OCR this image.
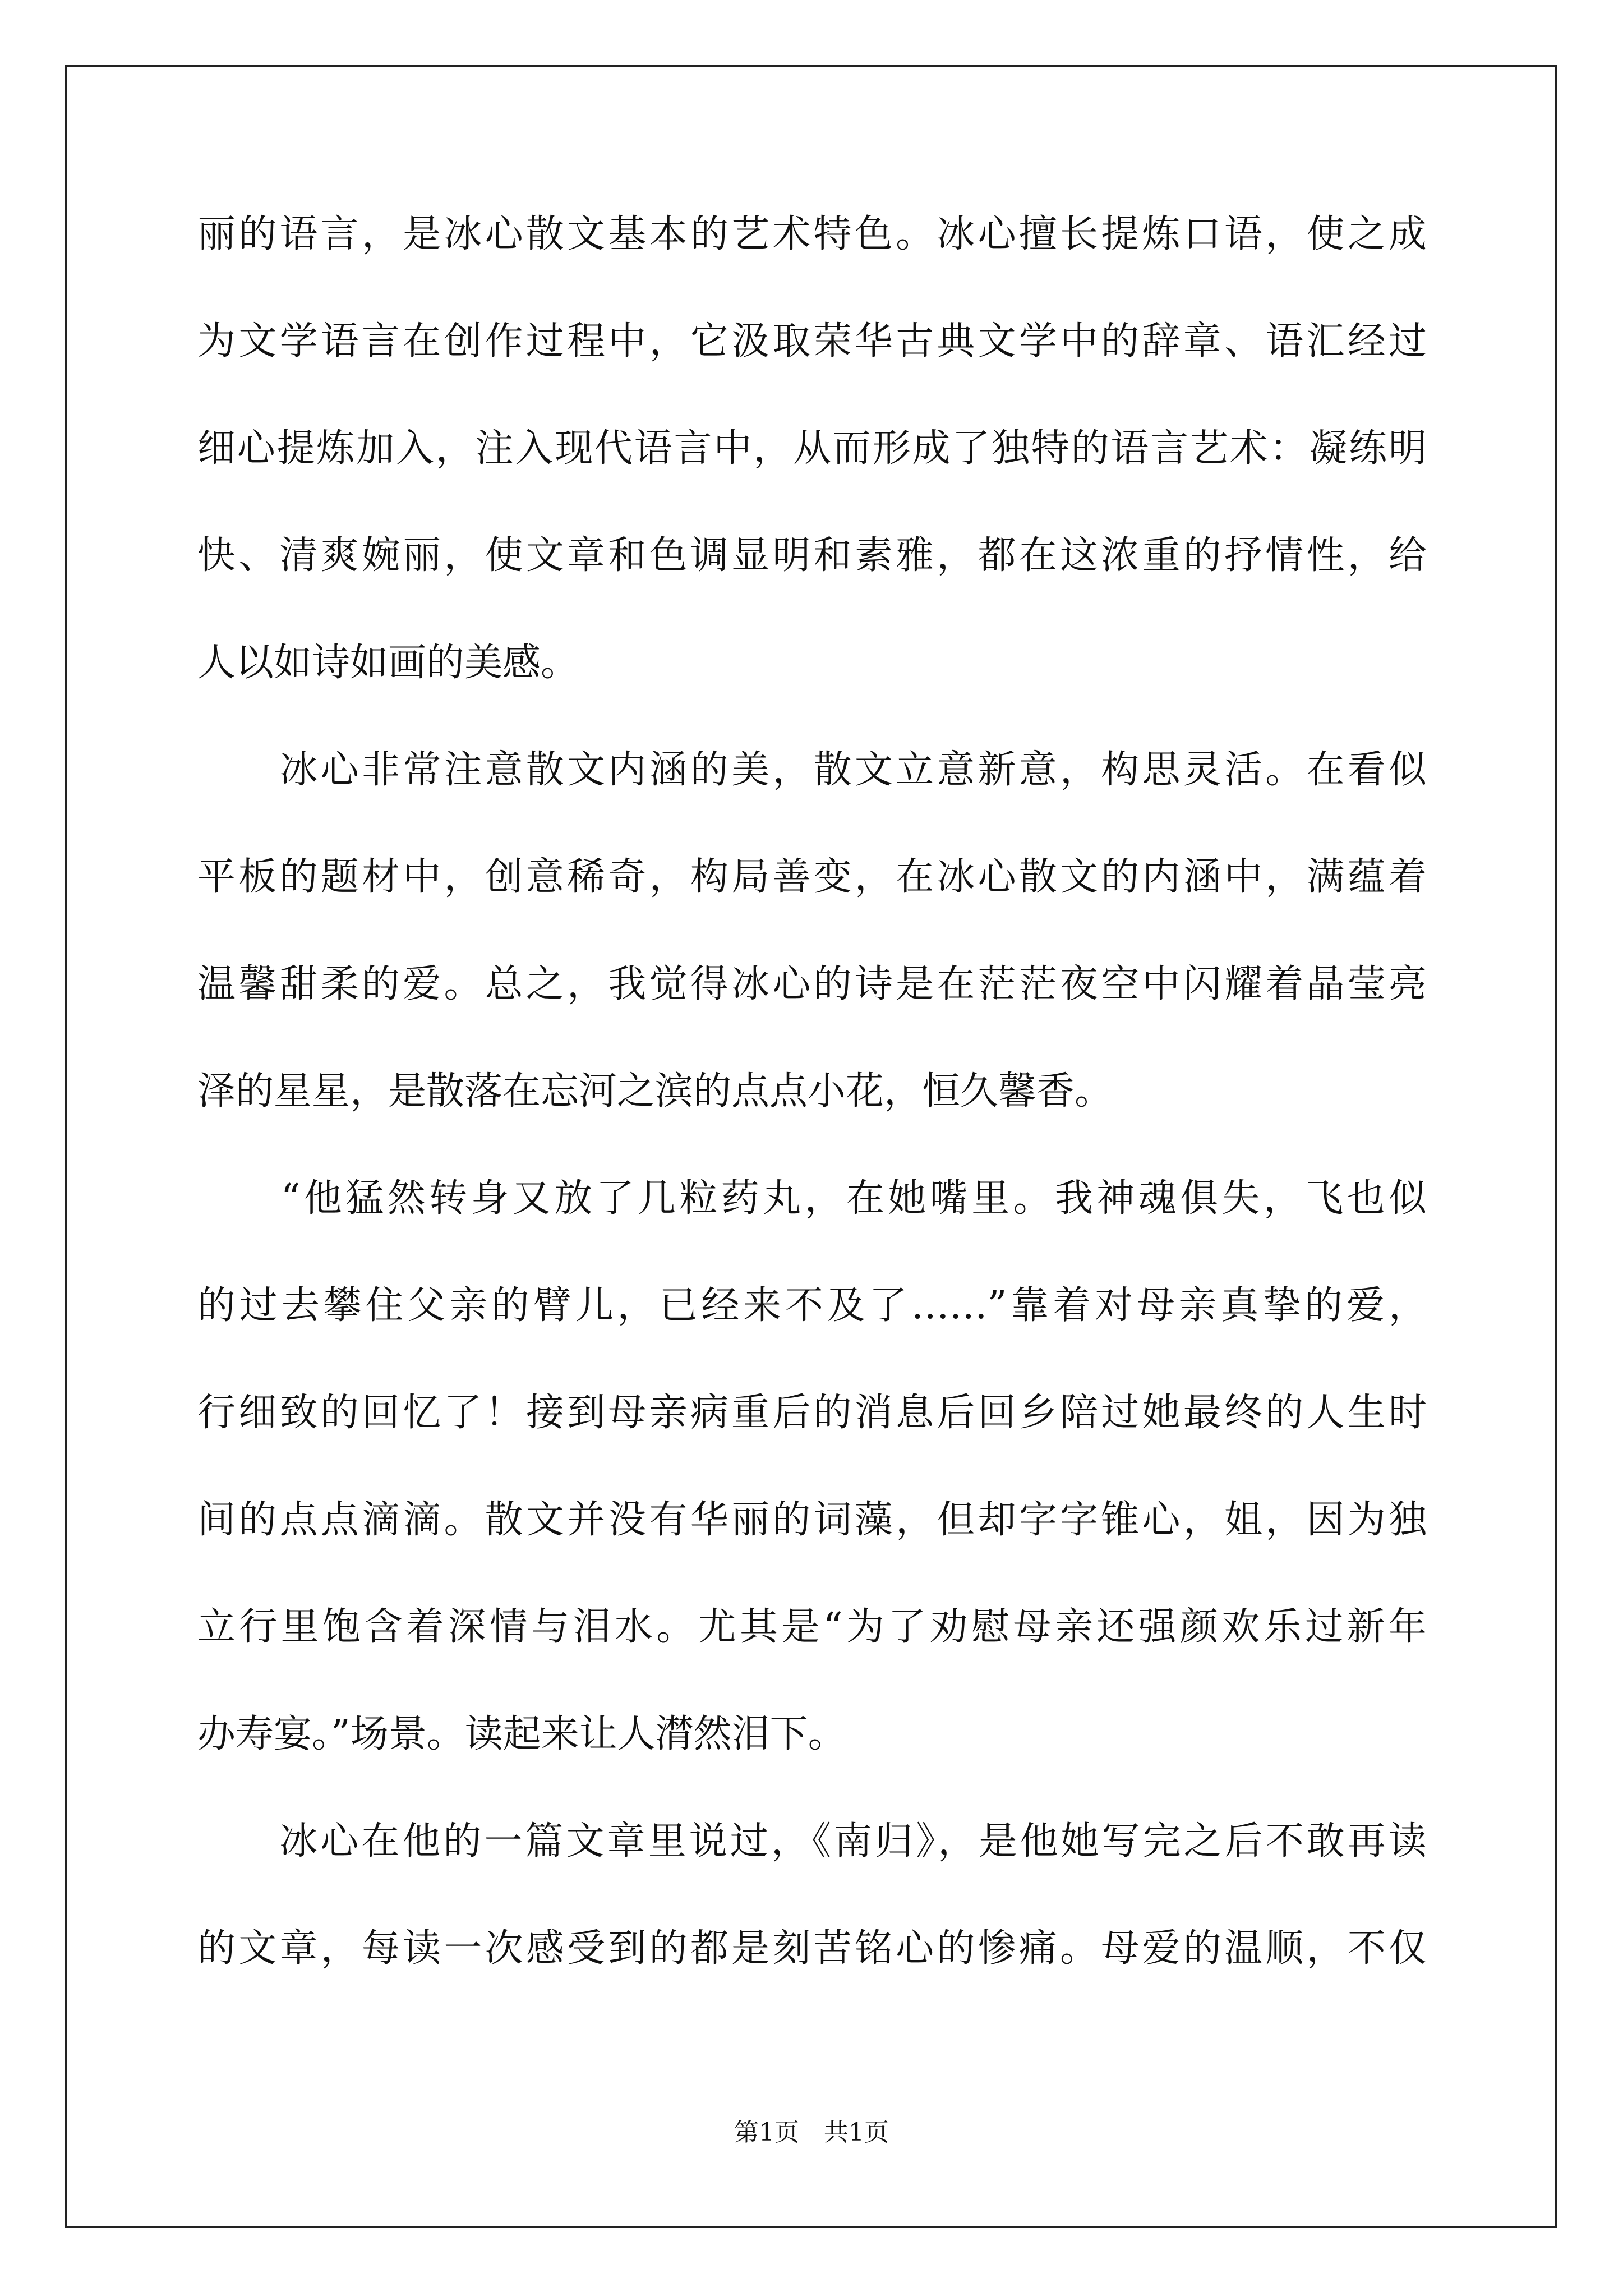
丽的语言，是冰心散文基本的艺术特色。冰心擅长提炼口语，使之成
为文学语言在创作过程中，它汲取荣华古典文学中的辞章、语汇经过
细心提炼加入，注入现代语言中，从而形成了独特的语言艺术：凝练明
快、清爽婉丽，使文章和色调显明和素雅，都在这浓重的抒情性，给
人以如诗如画的美感。
　　冰心非常注意散文内涵的美，散文立意新意，构思灵活。在看似
平板的题材中，创意稀奇，构局善变，在冰心散文的内涵中，满蕴着
温馨甜柔的爱。总之，我觉得冰心的诗是在茫茫夜空中闪耀着晶莹亮
泽的星星，是散落在忘河之滨的点点小花，恒久馨香。
　　“他猛然转身又放了几粒药丸，在她嘴里。我神魂俱失，飞也似
的过去攀住父亲的臂儿，已经来不及了……”靠着对母亲真挚的爱，
行细致的回忆了！接到母亲病重后的消息后回乡陪过她最终的人生时
间的点点滴滴。散文并没有华丽的词藻，但却字字锥心，姐，因为独
立行里饱含着深情与泪水。尤其是“为了劝慰母亲还强颜欢乐过新年
办寿宴。”场景。读起来让人潸然泪下。
　　冰心在他的一篇文章里说过，《南归》，是他她写完之后不敢再读
的文章，每读一次感受到的都是刻苦铭心的惨痛。母爱的温顺，不仅
第1页　共1页
